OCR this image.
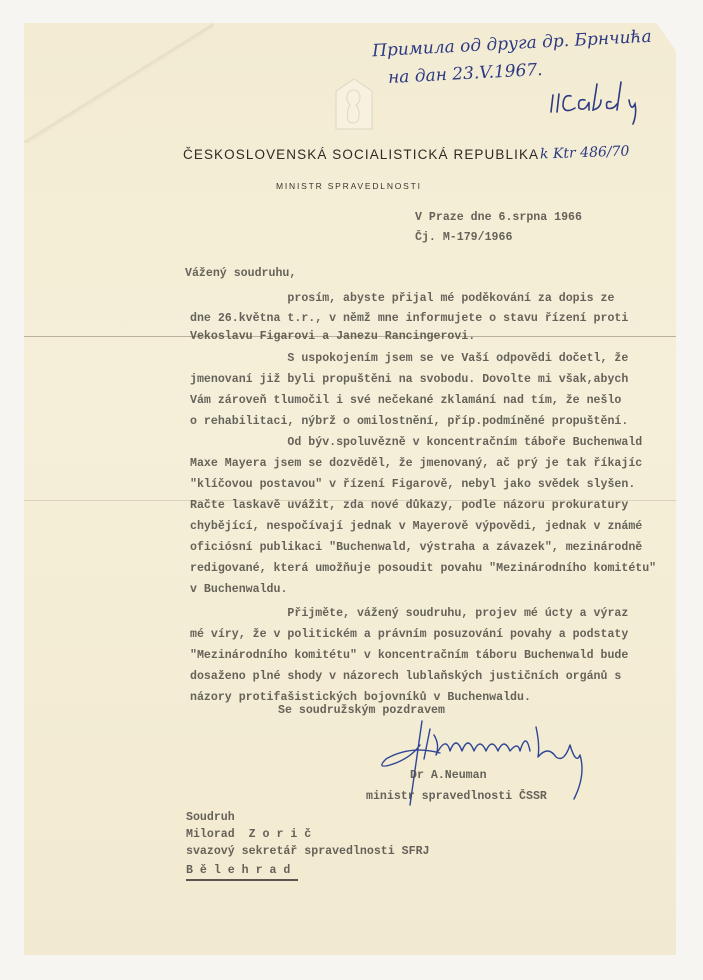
ČESKOSLOVENSKÁ SOCIALISTICKÁ REPUBLIKA
MINISTR SPRAVEDLNOSTI
Примила од друга др. Брнчића
на дан 23.V.1967.
k Ktr 486/70
V Praze dne 6.srpna 1966
Čj. M-179/1966
Vážený soudruhu,
prosím, abyste přijal mé poděkování za dopis ze
dne 26.května t.r., v němž mne informujete o stavu řízení proti
Vekoslavu Figarovi a Janezu Rancingerovi.
S uspokojením jsem se ve Vaší odpovědi dočetl, že
jmenovaní již byli propuštěni na svobodu. Dovolte mi však,abych
Vám zároveň tlumočil i své nečekané zklamání nad tím, že nešlo
o rehabilitaci, nýbrž o omilostnění, příp.podmíněné propuštění.
Od býv.spoluvězně v koncentračním táboře Buchenwald
Maxe Mayera jsem se dozvěděl, že jmenovaný, ač prý je tak říkajíc
"klíčovou postavou" v řízení Figarově, nebyl jako svědek slyšen.
Račte laskavě uvážit, zda nové důkazy, podle názoru prokuratury
chybějící, nespočívají jednak v Mayerově výpovědi, jednak v známé
oficiósní publikaci "Buchenwald, výstraha a závazek", mezinárodně
redigované, která umožňuje posoudit povahu "Mezinárodního komitétu"
v Buchenwaldu.
Přijměte, vážený soudruhu, projev mé úcty a výraz
mé víry, že v politickém a právním posuzování povahy a podstaty
"Mezinárodního komitétu" v koncentračním táboru Buchenwald bude
dosaženo plné shody v názorech lublaňských justičních orgánů s
názory protifašistických bojovníků v Buchenwaldu.
Se soudružským pozdravem
Dr A.Neuman
ministr spravedlnosti ČSSR
Soudruh
Milorad  Z o r i č
svazový sekretář spravedlnosti SFRJ
B ě l e h r a d
